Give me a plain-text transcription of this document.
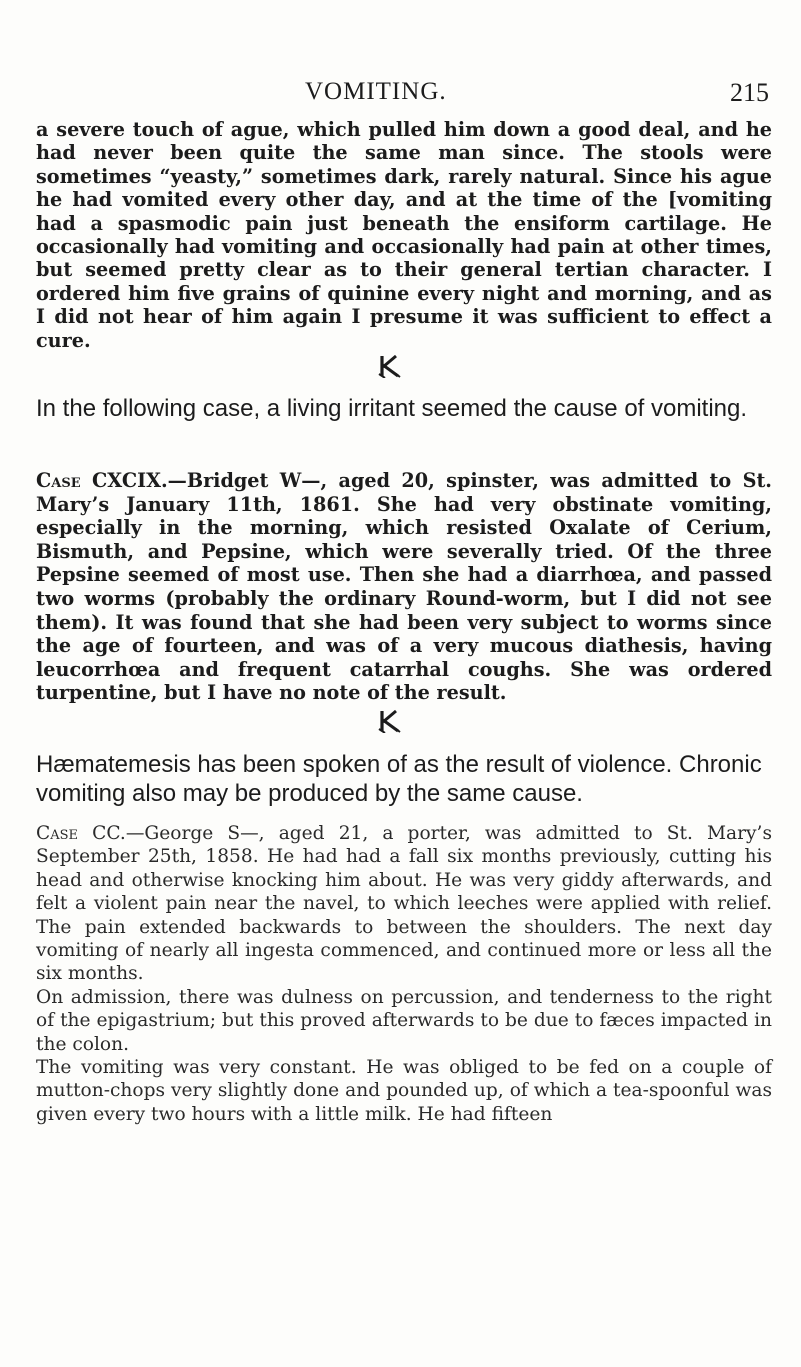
VOMITING.	215

a severe touch of ague, which pulled him down a good deal, and he had never been quite the same man since. The stools were sometimes “yeasty,” sometimes dark, rarely natural. Since his ague he had vomited every other day, and at the time of the [vomiting had a spasmodic pain just beneath the ensiform cartilage. He occasionally had vomiting and occasionally had pain at other times, but seemed pretty clear as to their general tertian character. I ordered him five grains of quinine every night and morning, and as I did not hear of him again I presume it was sufficient to effect a cure.

In the following case, a living irritant seemed the cause of vomiting.

Case CXCIX.—Bridget W—, aged 20, spinster, was admitted to St. Mary’s January 11th, 1861. She had very obstinate vomiting, especially in the morning, which resisted Oxalate of Cerium, Bismuth, and Pepsine, which were severally tried. Of the three Pepsine seemed of most use. Then she had a diarrhœa, and passed two worms (probably the ordinary Round-worm, but I did not see them). It was found that she had been very subject to worms since the age of fourteen, and was of a very mucous diathesis, having leucorrhœa and frequent catarrhal coughs. She was ordered turpentine, but I have no note of the result.

Hæmatemesis has been spoken of as the result of violence. Chronic vomiting also may be produced by the same cause.

Case CC.—George S—, aged 21, a porter, was admitted to St. Mary’s September 25th, 1858. He had had a fall six months previously, cutting his head and otherwise knocking him about. He was very giddy afterwards, and felt a violent pain near the navel, to which leeches were applied with relief. The pain extended backwards to between the shoulders. The next day vomiting of nearly all ingesta commenced, and continued more or less all the six months.

On admission, there was dulness on percussion, and tenderness to the right of the epigastrium; but this proved afterwards to be due to fæces impacted in the colon.

The vomiting was very constant. He was obliged to be fed on a couple of mutton-chops very slightly done and pounded up, of which a tea-spoonful was given every two hours with a little milk. He had fifteen
